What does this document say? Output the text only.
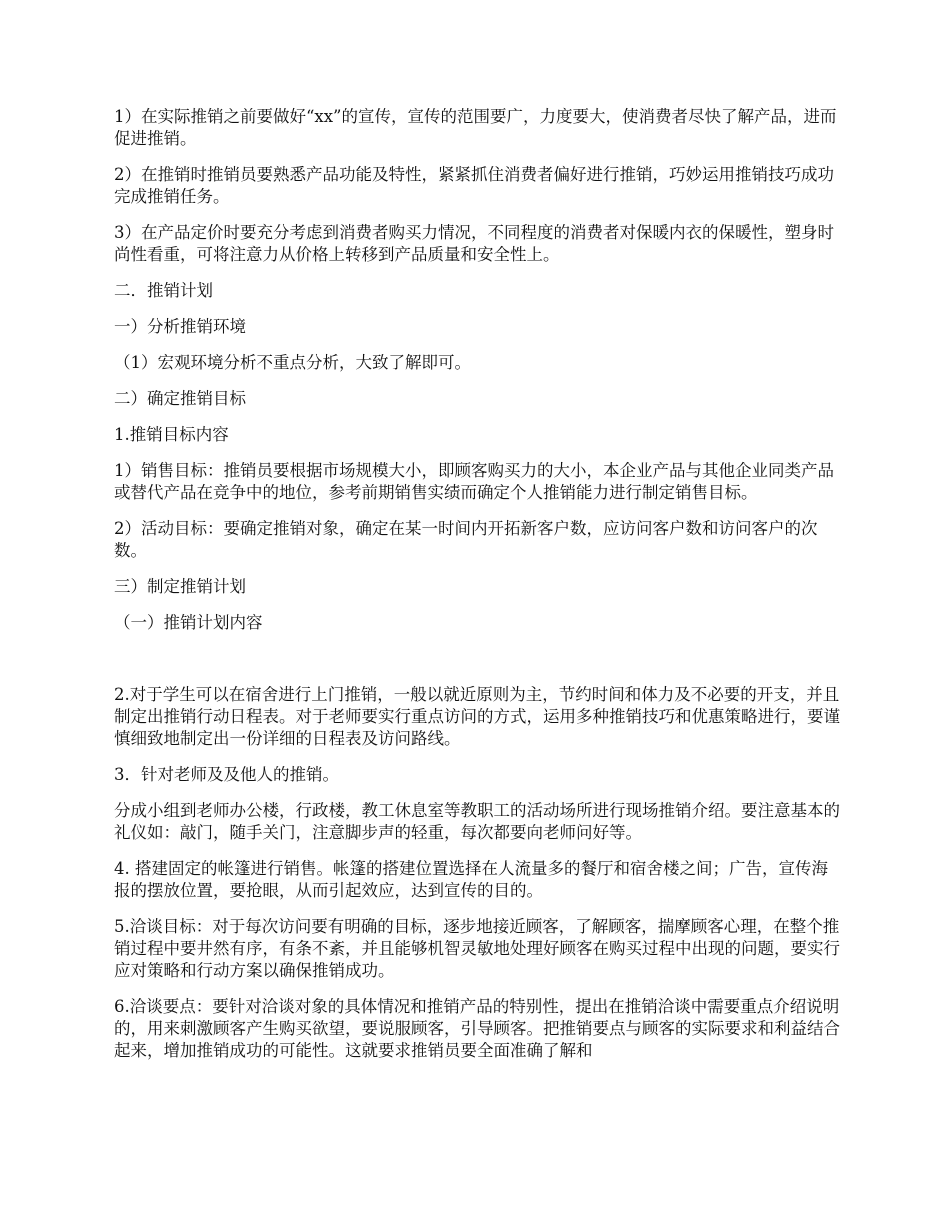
1）在实际推销之前要做好“xx”的宣传，宣传的范围要广，力度要大，使消费者尽快了解产品，进而促进推销。

2）在推销时推销员要熟悉产品功能及特性，紧紧抓住消费者偏好进行推销，巧妙运用推销技巧成功完成推销任务。

3）在产品定价时要充分考虑到消费者购买力情况，不同程度的消费者对保暖内衣的保暖性，塑身时尚性看重，可将注意力从价格上转移到产品质量和安全性上。

二．推销计划

一）分析推销环境

（1）宏观环境分析不重点分析，大致了解即可。

二）确定推销目标

1.推销目标内容

1）销售目标：推销员要根据市场规模大小，即顾客购买力的大小，本企业产品与其他企业同类产品或替代产品在竞争中的地位，参考前期销售实绩而确定个人推销能力进行制定销售目标。

2）活动目标：要确定推销对象，确定在某一时间内开拓新客户数，应访问客户数和访问客户的次数。

三）制定推销计划

（一）推销计划内容

2.对于学生可以在宿舍进行上门推销，一般以就近原则为主，节约时间和体力及不必要的开支，并且制定出推销行动日程表。对于老师要实行重点访问的方式，运用多种推销技巧和优惠策略进行，要谨慎细致地制定出一份详细的日程表及访问路线。

3．针对老师及及他人的推销。

分成小组到老师办公楼，行政楼，教工休息室等教职工的活动场所进行现场推销介绍。要注意基本的礼仪如：敲门，随手关门，注意脚步声的轻重，每次都要向老师问好等。

4. 搭建固定的帐篷进行销售。帐篷的搭建位置选择在人流量多的餐厅和宿舍楼之间；广告，宣传海报的摆放位置，要抢眼，从而引起效应，达到宣传的目的。

5.洽谈目标：对于每次访问要有明确的目标，逐步地接近顾客，了解顾客，揣摩顾客心理，在整个推销过程中要井然有序，有条不紊，并且能够机智灵敏地处理好顾客在购买过程中出现的问题，要实行应对策略和行动方案以确保推销成功。

6.洽谈要点：要针对洽谈对象的具体情况和推销产品的特别性，提出在推销洽谈中需要重点介绍说明的，用来刺激顾客产生购买欲望，要说服顾客，引导顾客。把推销要点与顾客的实际要求和利益结合起来，增加推销成功的可能性。这就要求推销员要全面准确了解和
